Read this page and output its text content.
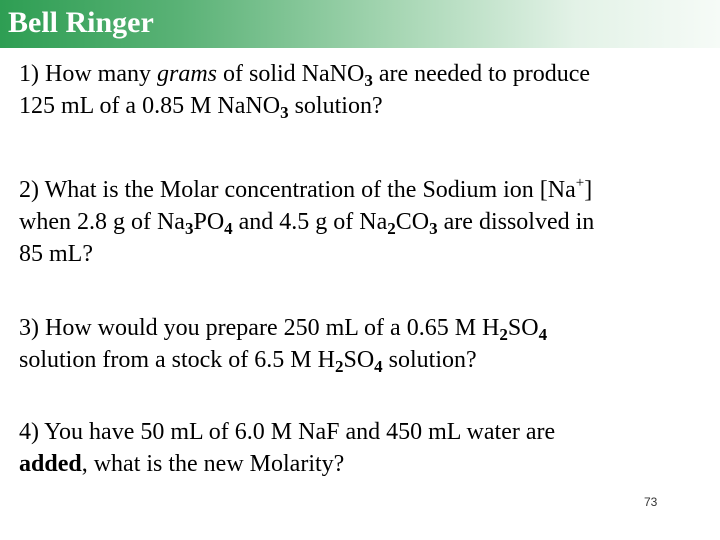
Bell Ringer
1) How many grams of solid NaNO$_3$ are needed to produce
125 mL of a 0.85 M NaNO$_3$ solution?
2) What is the Molar concentration of the Sodium ion [Na+]
when 2.8 g of $Na_3PO_4$ and 4.5 g of $Na_2CO_3$ are dissolved in
85 mL?
3) How would you prepare 250 mL of a 0.65 M $H_2SO_4$
solution from a stock of 6.5 M $H_2SO_4$ solution?
4) You have 50 mL of 6.0 M NaF and 450 mL water are
added, what is the new Molarity?
73
